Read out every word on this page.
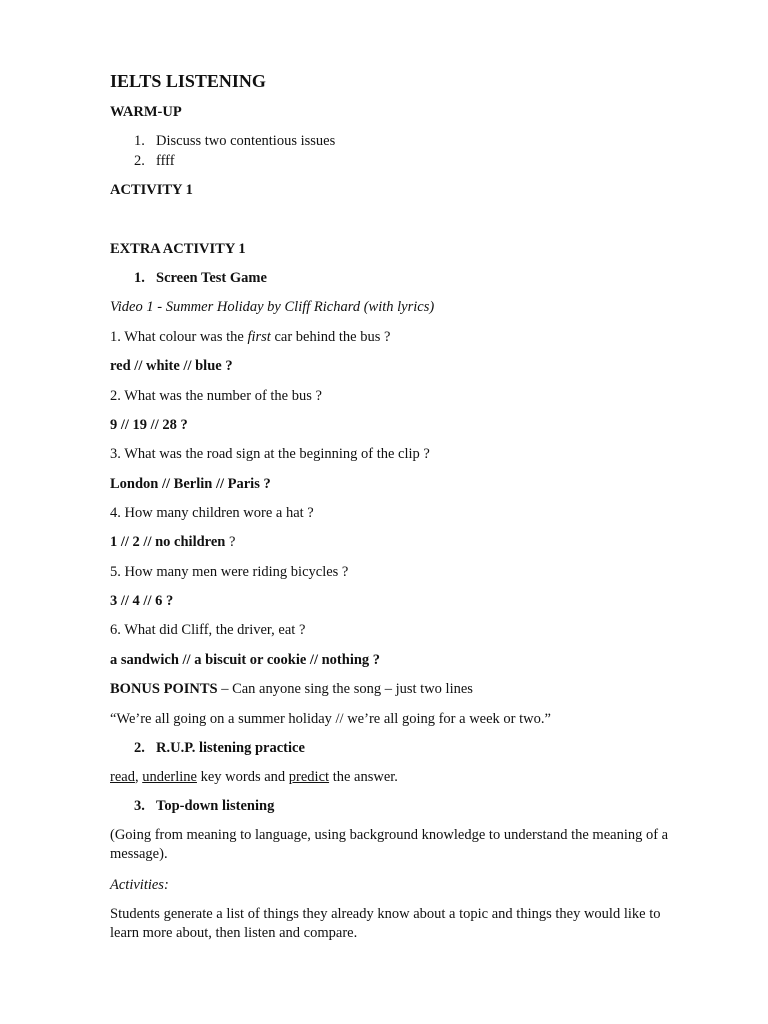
IELTS LISTENING
WARM-UP
1. Discuss two contentious issues
2. ffff
ACTIVITY 1
EXTRA ACTIVITY 1
1. Screen Test Game
Video 1 - Summer Holiday by Cliff Richard (with lyrics)
1. What colour was the first car behind the bus ?
red // white // blue ?
2. What was the number of the bus ?
9 // 19 // 28 ?
3. What was the road sign at the beginning of the clip ?
London // Berlin // Paris ?
4. How many children wore a hat ?
1 // 2 // no children ?
5. How many men were riding bicycles ?
3 // 4 // 6 ?
6. What did Cliff, the driver, eat ?
a sandwich // a biscuit or cookie // nothing ?
BONUS POINTS – Can anyone sing the song – just two lines
“We’re all going on a summer holiday // we’re all going for a week or two.”
2. R.U.P. listening practice
read, underline key words and predict the answer.
3. Top-down listening
(Going from meaning to language, using background knowledge to understand the meaning of a message).
Activities:
Students generate a list of things they already know about a topic and things they would like to learn more about, then listen and compare.
